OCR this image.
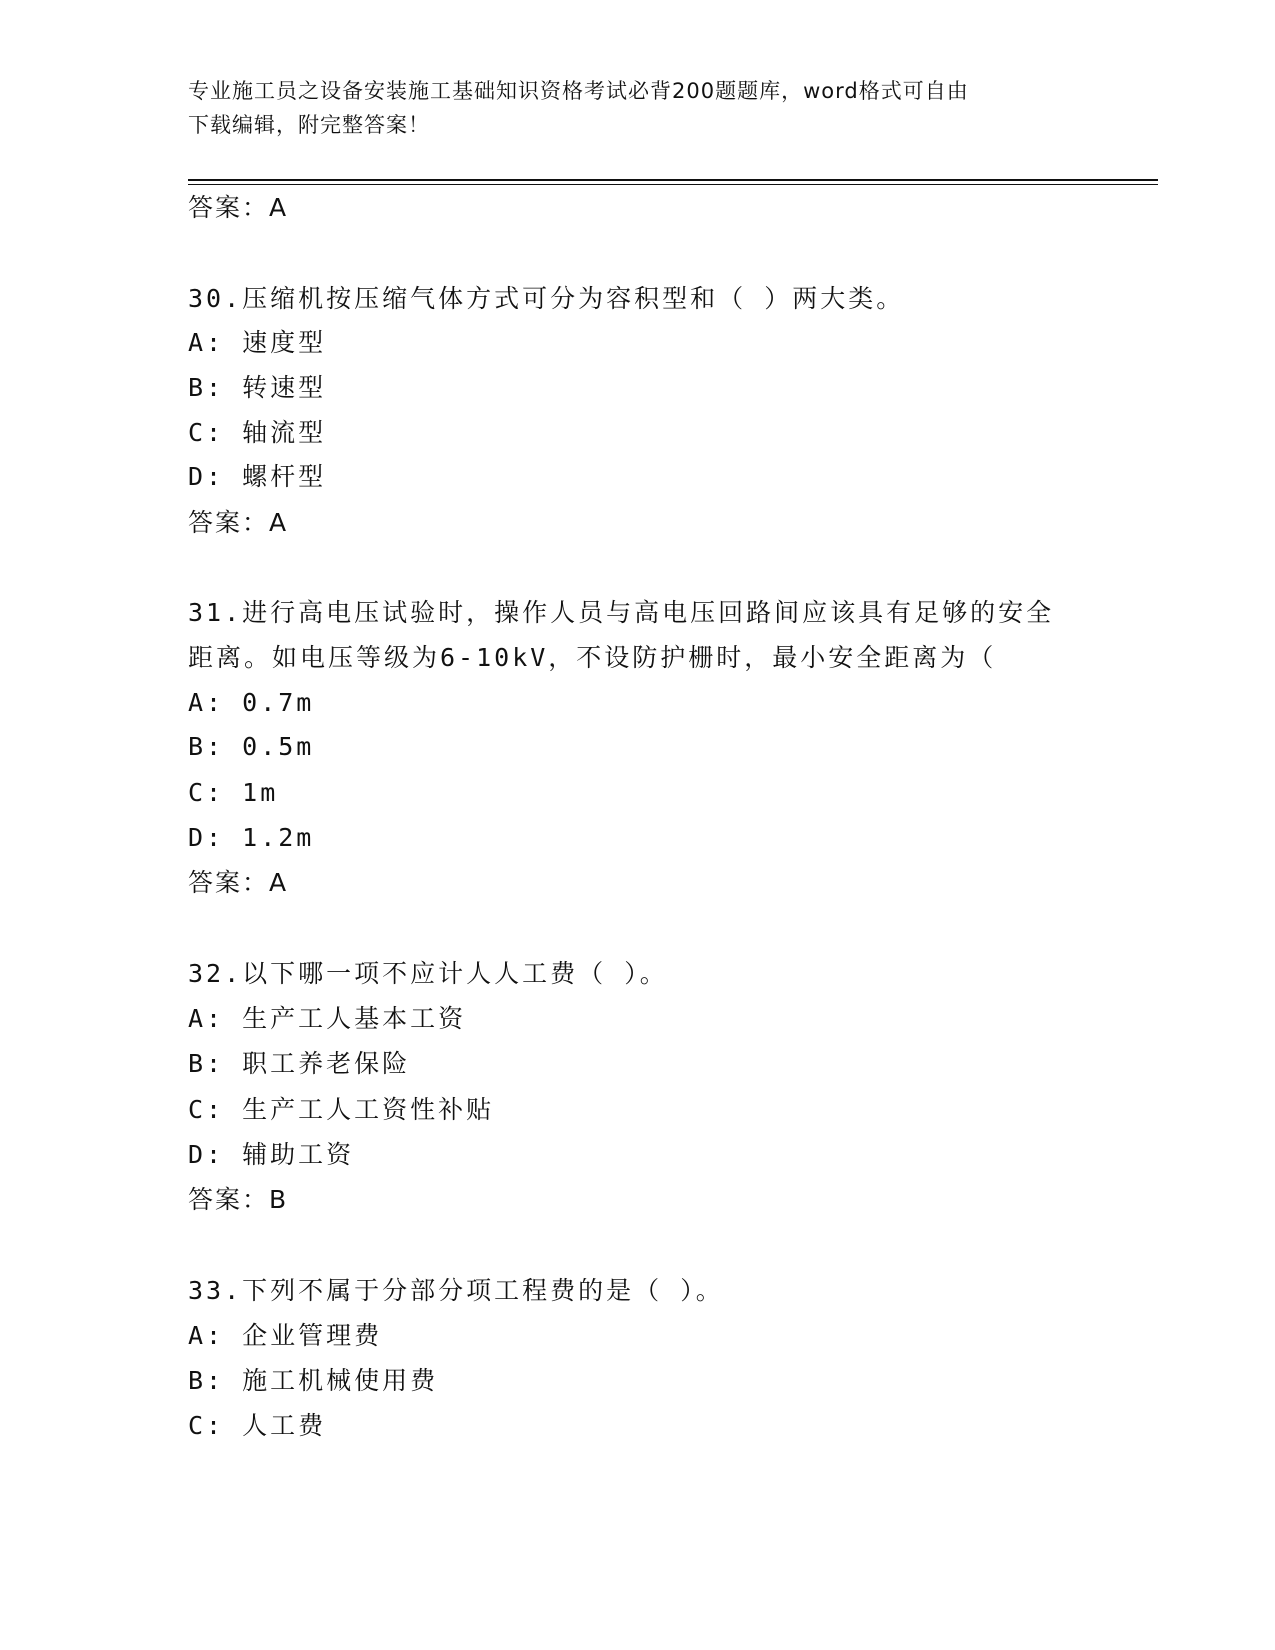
专业施工员之设备安装施工基础知识资格考试必背200题题库，word格式可自由
下载编辑，附完整答案！
答案：A
30.压缩机按压缩气体方式可分为容积型和（ ）两大类。
A: 速度型
B: 转速型
C: 轴流型
D: 螺杆型
答案：A
31.进行高电压试验时，操作人员与高电压回路间应该具有足够的安全
距离。如电压等级为6-10kV，不设防护栅时，最小安全距离为（
A: 0.7m
B: 0.5m
C: 1m
D: 1.2m
答案：A
32.以下哪一项不应计人人工费（ ）。
A: 生产工人基本工资
B: 职工养老保险
C: 生产工人工资性补贴
D: 辅助工资
答案：B
33.下列不属于分部分项工程费的是（ ）。
A: 企业管理费
B: 施工机械使用费
C: 人工费
